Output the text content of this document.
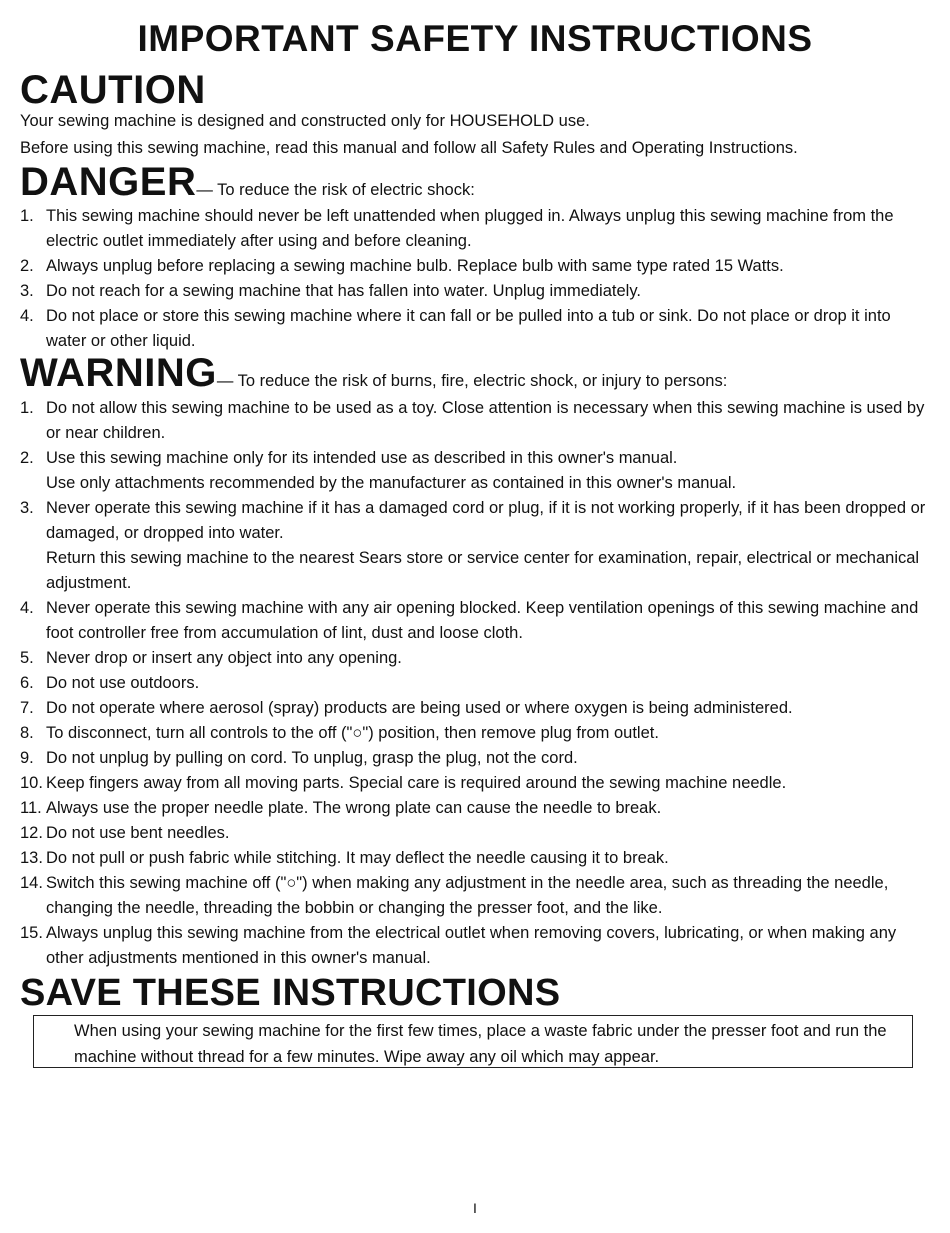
IMPORTANT SAFETY INSTRUCTIONS
CAUTION

Your sewing machine is designed and constructed only for HOUSEHOLD use.

Before using this sewing machine, read this manual and follow all Safety Rules and Operating Instructions.

DANGER— To reduce the risk of electric shock:

1. This sewing machine should never be left unattended when plugged in. Always unplug this sewing machine from the electric outlet immediately after using and before cleaning.
2. Always unplug before replacing a sewing machine bulb. Replace bulb with same type rated 15 Watts.
3. Do not reach for a sewing machine that has fallen into water. Unplug immediately.
4. Do not place or store this sewing machine where it can fall or be pulled into a tub or sink. Do not place or drop it into water or other liquid.

WARNING— To reduce the risk of burns, fire, electric shock, or injury to persons:

1. Do not allow this sewing machine to be used as a toy. Close attention is necessary when this sewing machine is used by or near children.
2. Use this sewing machine only for its intended use as described in this owner's manual.
Use only attachments recommended by the manufacturer as contained in this owner's manual.
3. Never operate this sewing machine if it has a damaged cord or plug, if it is not working properly, if it has been dropped or damaged, or dropped into water.
Return this sewing machine to the nearest Sears store or service center for examination, repair, electrical or mechanical adjustment.
4. Never operate this sewing machine with any air opening blocked. Keep ventilation openings of this sewing machine and foot controller free from accumulation of lint, dust and loose cloth.
5. Never drop or insert any object into any opening.
6. Do not use outdoors.
7. Do not operate where aerosol (spray) products are being used or where oxygen is being administered.
8. To disconnect, turn all controls to the off ("○") position, then remove plug from outlet.
9. Do not unplug by pulling on cord. To unplug, grasp the plug, not the cord.
10. Keep fingers away from all moving parts. Special care is required around the sewing machine needle.
11. Always use the proper needle plate. The wrong plate can cause the needle to break.
12. Do not use bent needles.
13. Do not pull or push fabric while stitching. It may deflect the needle causing it to break.
14. Switch this sewing machine off ("○") when making any adjustment in the needle area, such as threading the needle, changing the needle, threading the bobbin or changing the presser foot, and the like.
15. Always unplug this sewing machine from the electrical outlet when removing covers, lubricating, or when making any other adjustments mentioned in this owner's manual.
SAVE THESE INSTRUCTIONS
When using your sewing machine for the first few times, place a waste fabric under the presser foot and run the machine without thread for a few minutes. Wipe away any oil which may appear.
I
